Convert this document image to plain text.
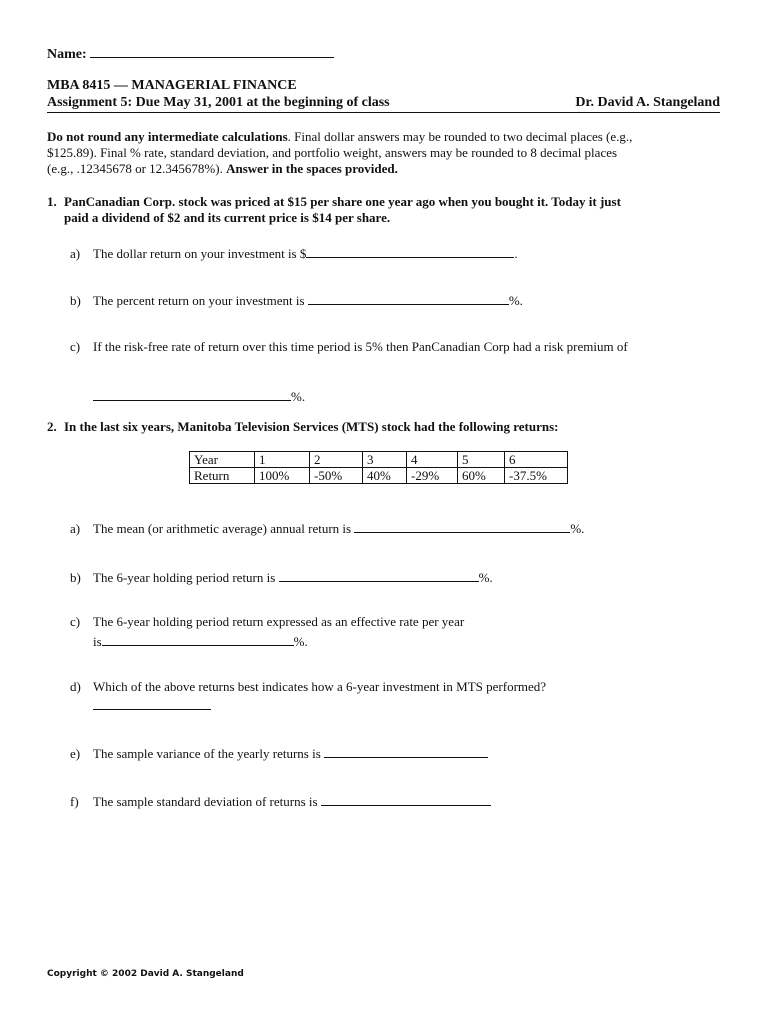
Name:
MBA 8415 — MANAGERIAL FINANCE
Assignment 5: Due May 31, 2001 at the beginning of class	Dr. David A. Stangeland
Do not round any intermediate calculations. Final dollar answers may be rounded to two decimal places (e.g.,
$125.89). Final % rate, standard deviation, and portfolio weight, answers may be rounded to 8 decimal places
(e.g., .12345678 or 12.345678%). Answer in the spaces provided.
1. PanCanadian Corp. stock was priced at $15 per share one year ago when you bought it. Today it just
paid a dividend of $2 and its current price is $14 per share.
a) The dollar return on your investment is $	.
b) The percent return on your investment is	%.
c) If the risk-free rate of return over this time period is 5% then PanCanadian Corp had a risk premium of
%.
2. In the last six years, Manitoba Television Services (MTS) stock had the following returns:
Year	1	2	3	4	5	6
Return	100%	-50%	40%	-29%	60%	-37.5%
a) The mean (or arithmetic average) annual return is	%.
b) The 6-year holding period return is	%.
c) The 6-year holding period return expressed as an effective rate per year
is	%.
d) Which of the above returns best indicates how a 6-year investment in MTS performed?
e) The sample variance of the yearly returns is
f) The sample standard deviation of returns is
Copyright © 2002 David A. Stangeland
